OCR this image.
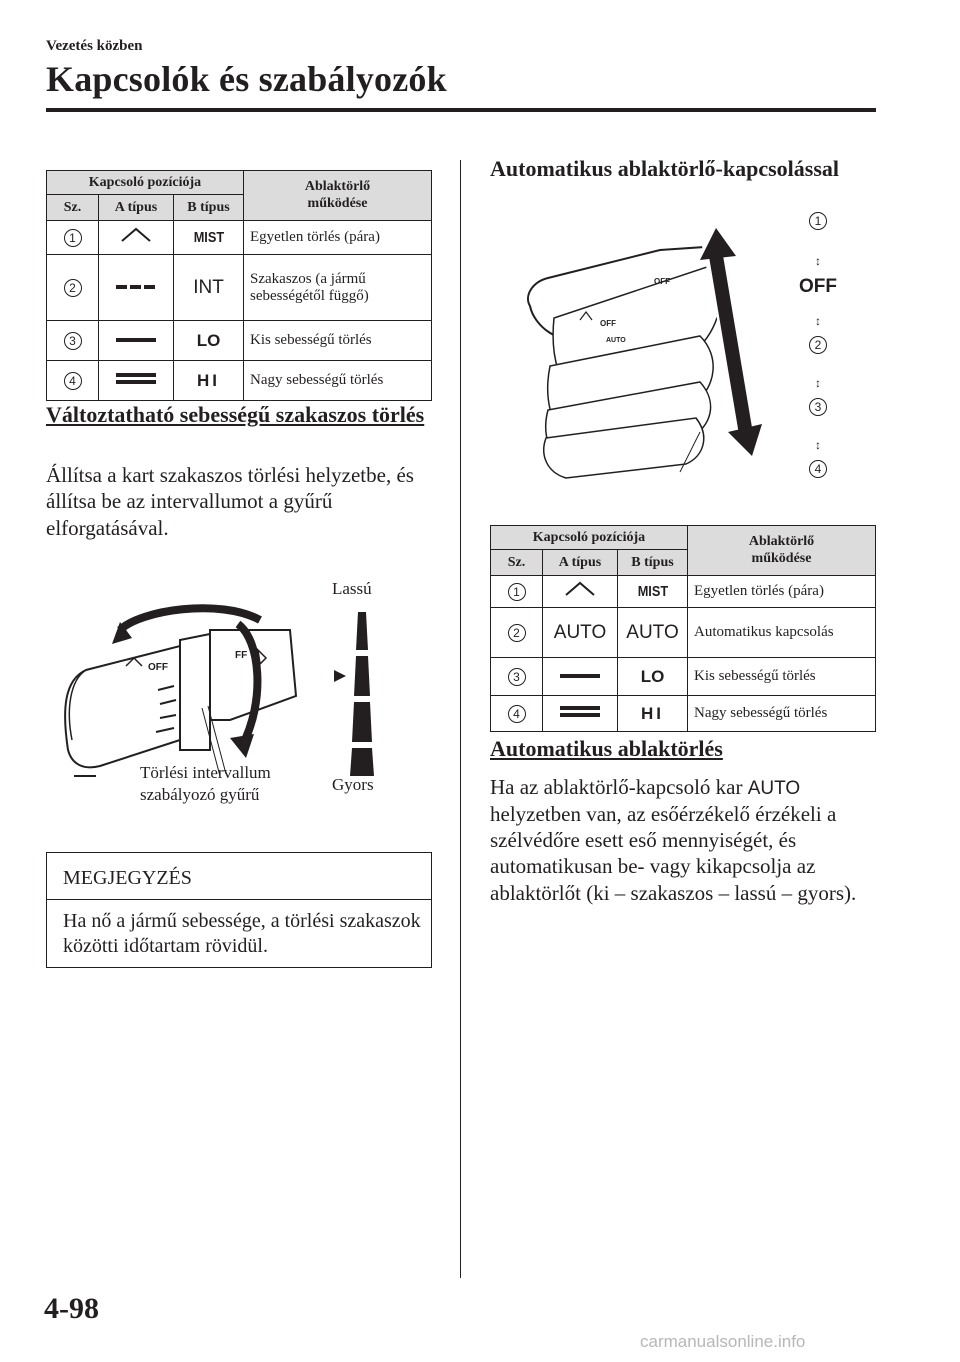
Vezetés közben
Kapcsolók és szabályozók
Kapcsoló pozíciója			Ablaktörlő működése
Sz.	A típus	B típus	
1		MIST	Egyetlen törlés (pára)
2		INT	Szakaszos (a jármű sebességétől függő)
3		LO	Kis sebességű törlés
4		HI	Nagy sebességű törlés
Változtatható sebességű szakaszos törlés
Állítsa a kart szakaszos törlési helyzetbe, és állítsa be az intervallumot a gyűrű elforgatásával.
OFF
FF
Lassú
Gyors
Törlési intervallum szabályozó gyűrű
MEGJEGYZÉS
Ha nő a jármű sebessége, a törlési szakaszok közötti időtartam rövidül.
Automatikus ablaktörlő-kapcsolással
OFF
AUTO
OFF
1
↕
OFF
↕
2
↕
3
↕
4
Kapcsoló pozíciója			Ablaktörlő működése
Sz.	A típus	B típus	
1		MIST	Egyetlen törlés (pára)
2	AUTO	AUTO	Automatikus kapcsolás
3		LO	Kis sebességű törlés
4		HI	Nagy sebességű törlés
Automatikus ablaktörlés
Ha az ablaktörlő-kapcsoló kar AUTO helyzetben van, az esőérzékelő érzékeli a szélvédőre esett eső mennyiségét, és automatikusan be- vagy kikapcsolja az ablaktörlőt (ki – szakaszos – lassú – gyors).
4-98
carmanualsonline.info
